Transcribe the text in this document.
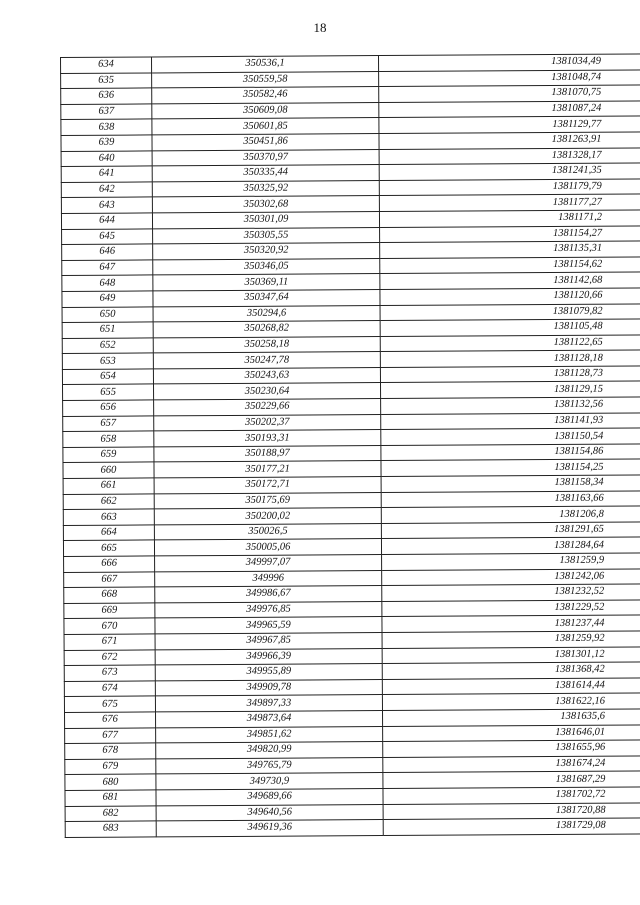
18
634	350536,1	1381034,49
635	350559,58	1381048,74
636	350582,46	1381070,75
637	350609,08	1381087,24
638	350601,85	1381129,77
639	350451,86	1381263,91
640	350370,97	1381328,17
641	350335,44	1381241,35
642	350325,92	1381179,79
643	350302,68	1381177,27
644	350301,09	1381171,2
645	350305,55	1381154,27
646	350320,92	1381135,31
647	350346,05	1381154,62
648	350369,11	1381142,68
649	350347,64	1381120,66
650	350294,6	1381079,82
651	350268,82	1381105,48
652	350258,18	1381122,65
653	350247,78	1381128,18
654	350243,63	1381128,73
655	350230,64	1381129,15
656	350229,66	1381132,56
657	350202,37	1381141,93
658	350193,31	1381150,54
659	350188,97	1381154,86
660	350177,21	1381154,25
661	350172,71	1381158,34
662	350175,69	1381163,66
663	350200,02	1381206,8
664	350026,5	1381291,65
665	350005,06	1381284,64
666	349997,07	1381259,9
667	349996	1381242,06
668	349986,67	1381232,52
669	349976,85	1381229,52
670	349965,59	1381237,44
671	349967,85	1381259,92
672	349966,39	1381301,12
673	349955,89	1381368,42
674	349909,78	1381614,44
675	349897,33	1381622,16
676	349873,64	1381635,6
677	349851,62	1381646,01
678	349820,99	1381655,96
679	349765,79	1381674,24
680	349730,9	1381687,29
681	349689,66	1381702,72
682	349640,56	1381720,88
683	349619,36	1381729,08
